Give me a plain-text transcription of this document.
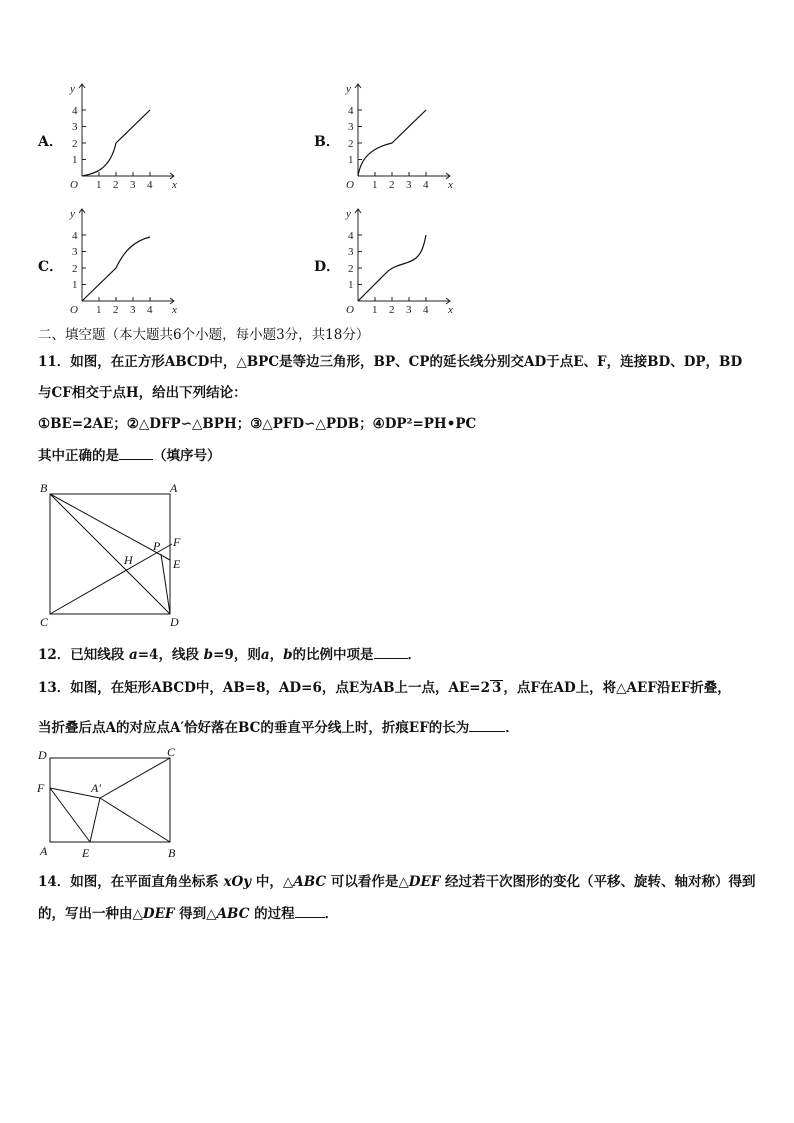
A．
y
x
O 1 2 3 4
1
2
3
4
B．
y
x
O 1 2 3 4
1
2
3
4
C．
y
x
O 1 2 3 4
1
2
3
4
D．
y
x
O 1 2 3 4
1
2
3
4
二、填空题（本大题共6个小题，每小题3分，共18分）
11．如图，在正方形ABCD中，△BPC是等边三角形，BP、CP的延长线分别交AD于点E、F，连接BD、DP，BD
与CF相交于点H，给出下列结论：
①BE=2AE；②△DFP∽△BPH；③△PFD∽△PDB；④DP²=PH•PC
其中正确的是	（填序号）
B	A
C	D
P
H
F
E
12．已知线段 a=4，线段 b=9，则a，b的比例中项是	．
13．如图，在矩形ABCD中，AB=8，AD=6，点E为AB上一点，AE=2 3 ，点F在AD上，将△AEF沿EF折叠，
当折叠后点A的对应点A′恰好落在BC的垂直平分线上时，折痕EF的长为	．
D	C
F	A′
A	E	B
14．如图，在平面直角坐标系 xOy 中，△ABC 可以看作是△DEF 经过若干次图形的变化（平移、旋转、轴对称）得到
的，写出一种由△DEF 得到△ABC 的过程 ．
